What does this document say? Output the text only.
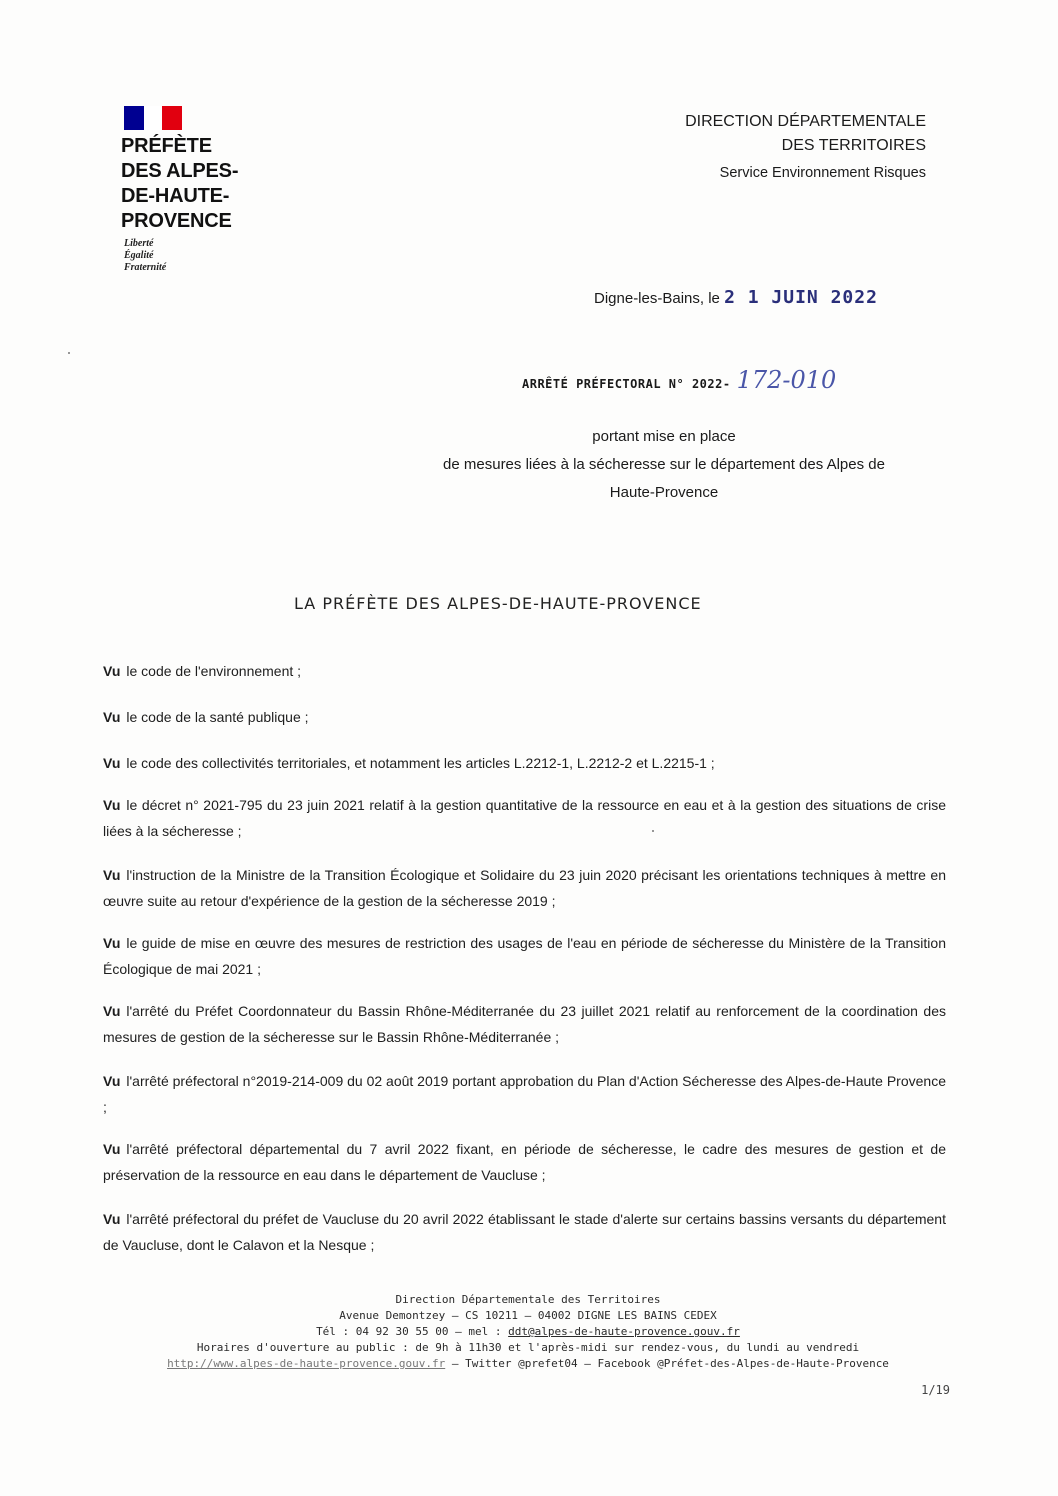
PRÉFÈTE
DES ALPES-
DE-HAUTE-
PROVENCE
Liberté
Égalité
Fraternité
DIRECTION DÉPARTEMENTALE
DES TERRITOIRES
Service Environnement Risques
Digne-les-Bains, le 2 1 JUIN 2022
ARRÊTÉ PRÉFECTORAL N° 2022- 172-010
portant mise en place
de mesures liées à la sécheresse sur le département des Alpes de
Haute-Provence
LA PRÉFÈTE DES ALPES-DE-HAUTE-PROVENCE
Vu le code de l'environnement ;
Vu le code de la santé publique ;
Vu le code des collectivités territoriales, et notamment les articles L.2212-1, L.2212-2 et L.2215-1 ;
Vu le décret n° 2021-795 du 23 juin 2021 relatif à la gestion quantitative de la ressource en eau et à la gestion des situations de crise liées à la sécheresse ;
Vu l'instruction de la Ministre de la Transition Écologique et Solidaire du 23 juin 2020 précisant les orientations techniques à mettre en œuvre suite au retour d'expérience de la gestion de la sécheresse 2019 ;
Vu le guide de mise en œuvre des mesures de restriction des usages de l'eau en période de sécheresse du Ministère de la Transition Écologique de mai 2021 ;
Vu l'arrêté du Préfet Coordonnateur du Bassin Rhône-Méditerranée du 23 juillet 2021 relatif au renforcement de la coordination des mesures de gestion de la sécheresse sur le Bassin Rhône-Méditerranée ;
Vu l'arrêté préfectoral n°2019-214-009 du 02 août 2019 portant approbation du Plan d'Action Sécheresse des Alpes-de-Haute Provence ;
Vu l'arrêté préfectoral départemental du 7 avril 2022 fixant, en période de sécheresse, le cadre des mesures de gestion et de préservation de la ressource en eau dans le département de Vaucluse ;
Vu l'arrêté préfectoral du préfet de Vaucluse du 20 avril 2022 établissant le stade d'alerte sur certains bassins versants du département de Vaucluse, dont le Calavon et la Nesque ;
Direction Départementale des Territoires
Avenue Demontzey – CS 10211 – 04002 DIGNE LES BAINS CEDEX
Tél : 04 92 30 55 00 – mel : ddt@alpes-de-haute-provence.gouv.fr
Horaires d'ouverture au public : de 9h à 11h30 et l'après-midi sur rendez-vous, du lundi au vendredi
http://www.alpes-de-haute-provence.gouv.fr – Twitter @prefet04 – Facebook @Préfet-des-Alpes-de-Haute-Provence
1/19
